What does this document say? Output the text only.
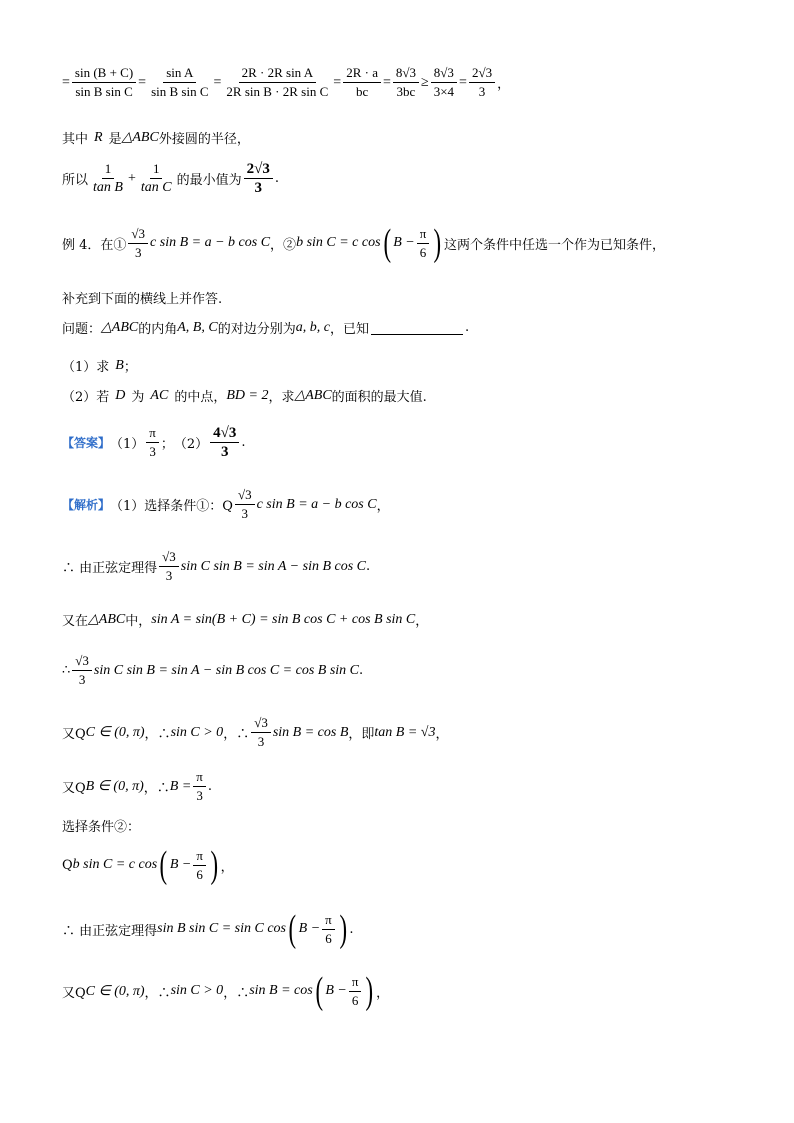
= $\frac{\sin (B + C)}{\text{sin B sin C}} = \frac{\text{sin A}}{\text{sin B sin C}} = \frac{\text{2R · 2R sin A}}{\text{2R sin B · 2R sin C}} = \frac{2R \cdot a}{bc} = \frac{8√3}{3bc} \ge \frac{8√3}{3\times 4} = \frac{2√3}{3}$ ，
其中 R 是 △ABC 外接圆的半径，
所以 $\frac{1}{\text{tan B}} + \frac{1}{\text{tan C}}$ 的最小值为 $\frac{2√3}{3}$ .
例 4．在① $\frac{√3}{3}$ c sin B = a − b cos C ，② b sin C = c cos ( $B - \frac{\pi}{6}$ ) 这两个条件中任选一个作为已知条件，
补充到下面的横线上并作答.
问题： △ABC 的内角 A, B, C 的对边分别为 a, b, c ，已知	.
（1）求 B ；
（2）若 D 为 AC 的中点， BD = 2 ，求 △ABC 的面积的最大值.
【答案】 $(1) \frac{\pi}{3}$ ； $(2) \frac{4√3}{3}$ .
【解析】 （1）选择条件①：Q $\frac{√3}{3}$ c sin B = a − b cos C ，
∴ 由正弦定理得 $\frac{√3}{3}$ sin C sin B = sin A − sin B cos C .
又在 △ABC 中， sin A = sin(B + C) = sin B cos C + cos B sin C ，
∴ $\frac{√3}{3}$ sin C sin B = sin A − sin B cos C = cos B sin C .
又Q C ∈ (0, π) ，∴ sin C > 0 ，∴ $\frac{√3}{3}$ sin B = cos B ，即 tan B = √3 ，
又Q B ∈ (0, π) ，∴ $B = \frac{\pi}{3}$ .
选择条件②：
Q b sin C = c cos ( $B - \frac{\pi}{6}$ ) ，
∴ 由正弦定理得 sin B sin C = sin C cos ( $B - \frac{\pi}{6}$ ) .
又Q C ∈ (0, π) ，∴ sin C > 0 ，∴ sin B = cos ( $B - \frac{\pi}{6}$ ) ，
